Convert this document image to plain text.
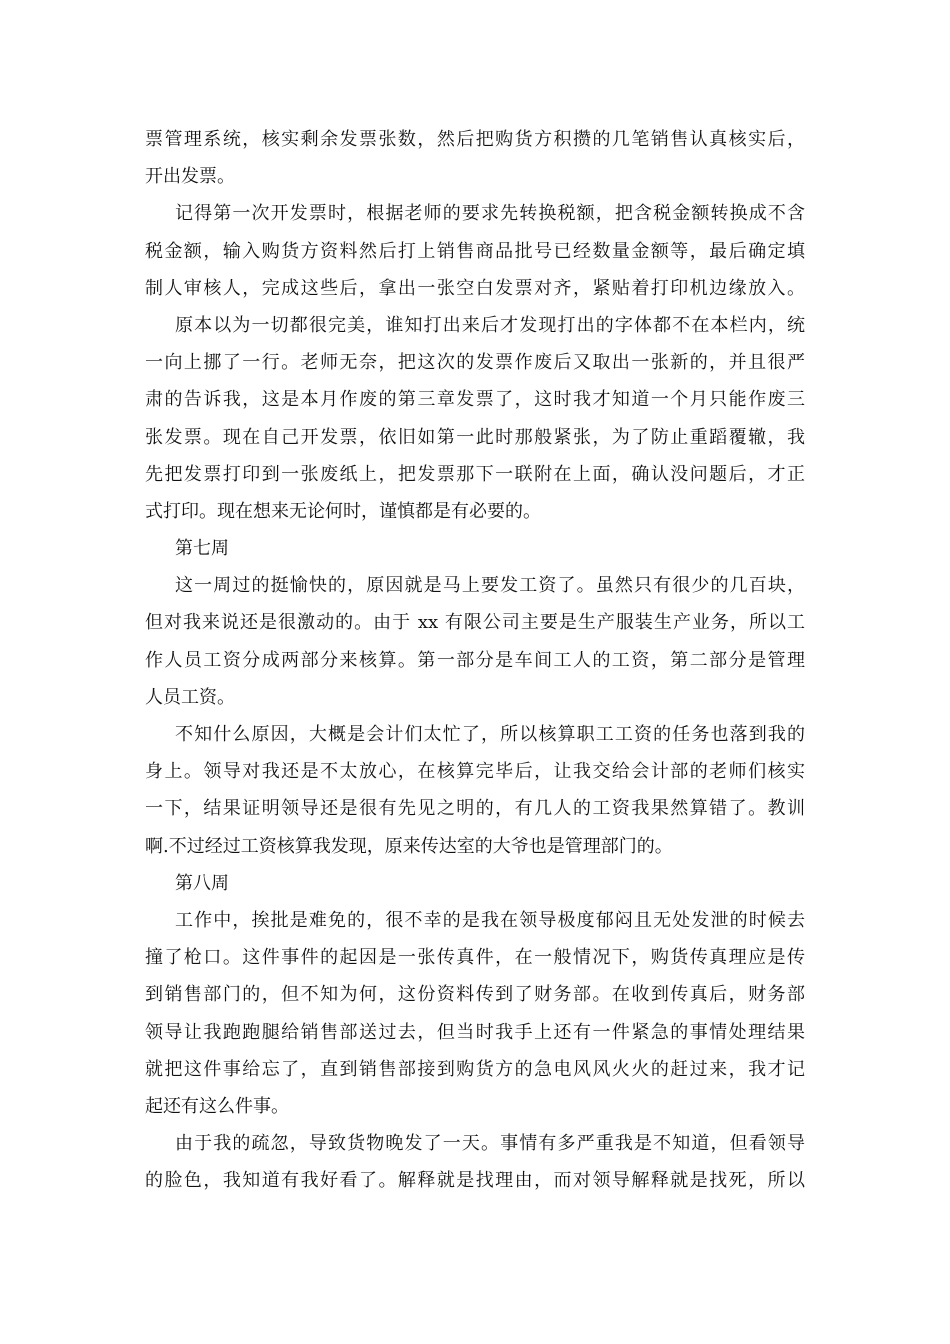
票管理系统，核实剩余发票张数，然后把购货方积攒的几笔销售认真核实后，
开出发票。
记得第一次开发票时，根据老师的要求先转换税额，把含税金额转换成不含
税金额，输入购货方资料然后打上销售商品批号已经数量金额等，最后确定填
制人审核人，完成这些后，拿出一张空白发票对齐，紧贴着打印机边缘放入。
原本以为一切都很完美，谁知打出来后才发现打出的字体都不在本栏内，统
一向上挪了一行。老师无奈，把这次的发票作废后又取出一张新的，并且很严
肃的告诉我，这是本月作废的第三章发票了，这时我才知道一个月只能作废三
张发票。现在自己开发票，依旧如第一此时那般紧张，为了防止重蹈覆辙，我
先把发票打印到一张废纸上，把发票那下一联附在上面，确认没问题后，才正
式打印。现在想来无论何时，谨慎都是有必要的。
第七周
这一周过的挺愉快的，原因就是马上要发工资了。虽然只有很少的几百块，
但对我来说还是很激动的。由于 xx 有限公司主要是生产服装生产业务，所以工
作人员工资分成两部分来核算。第一部分是车间工人的工资，第二部分是管理
人员工资。
不知什么原因，大概是会计们太忙了，所以核算职工工资的任务也落到我的
身上。领导对我还是不太放心，在核算完毕后，让我交给会计部的老师们核实
一下，结果证明领导还是很有先见之明的，有几人的工资我果然算错了。教训
啊.不过经过工资核算我发现，原来传达室的大爷也是管理部门的。
第八周
工作中，挨批是难免的，很不幸的是我在领导极度郁闷且无处发泄的时候去
撞了枪口。这件事件的起因是一张传真件，在一般情况下，购货传真理应是传
到销售部门的，但不知为何，这份资料传到了财务部。在收到传真后，财务部
领导让我跑跑腿给销售部送过去，但当时我手上还有一件紧急的事情处理结果
就把这件事给忘了，直到销售部接到购货方的急电风风火火的赶过来，我才记
起还有这么件事。
由于我的疏忽，导致货物晚发了一天。事情有多严重我是不知道，但看领导
的脸色，我知道有我好看了。解释就是找理由，而对领导解释就是找死，所以
